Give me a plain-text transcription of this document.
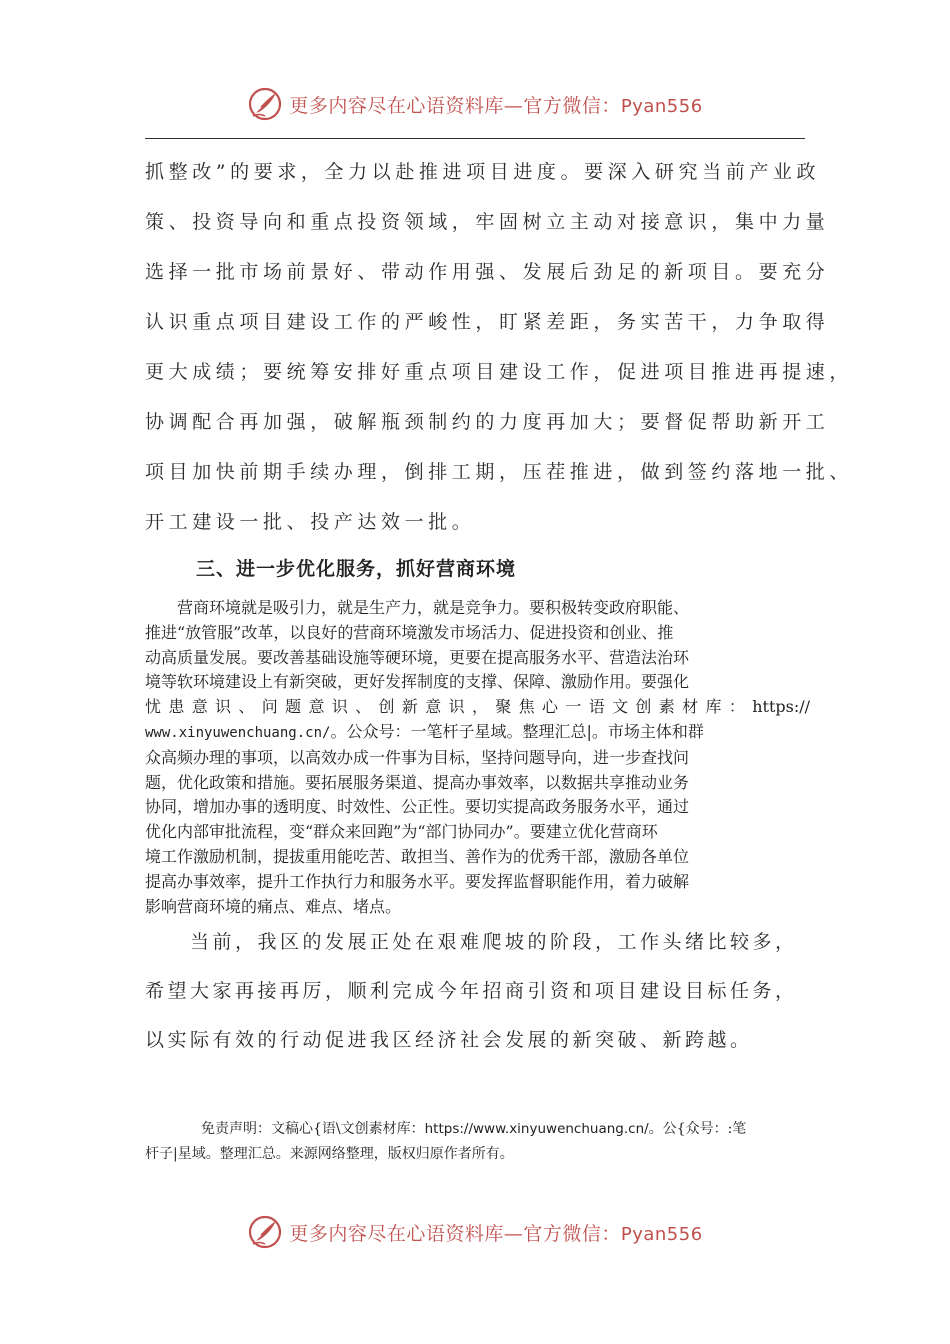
更多内容尽在心语资料库—官方微信：Pyan556

抓整改”的要求，全力以赴推进项目进度。要深入研究当前产业政
策、投资导向和重点投资领域，牢固树立主动对接意识，集中力量
选择一批市场前景好、带动作用强、发展后劲足的新项目。要充分
认识重点项目建设工作的严峻性，盯紧差距，务实苦干，力争取得
更大成绩；要统筹安排好重点项目建设工作，促进项目推进再提速，
协调配合再加强，破解瓶颈制约的力度再加大；要督促帮助新开工
项目加快前期手续办理，倒排工期，压茬推进，做到签约落地一批、
开工建设一批、投产达效一批。

三、进一步优化服务，抓好营商环境
　　营商环境就是吸引力，就是生产力，就是竞争力。要积极转变政府职能、
推进“放管服”改革，以良好的营商环境激发市场活力、促进投资和创业、推
动高质量发展。要改善基础设施等硬环境，更要在提高服务水平、营造法治环
境等软环境建设上有新突破，更好发挥制度的支撑、保障、激励作用。要强化
忧患意识、问题意识、创新意识，聚焦心一语文创素材库：https://
www.xinyuwenchuang.cn/。公众号：一笔杆子星域。整理汇总|。市场主体和群
众高频办理的事项，以高效办成一件事为目标，坚持问题导向，进一步查找问
题，优化政策和措施。要拓展服务渠道、提高办事效率，以数据共享推动业务
协同，增加办事的透明度、时效性、公正性。要切实提高政务服务水平，通过
优化内部审批流程，变“群众来回跑”为“部门协同办”。要建立优化营商环
境工作激励机制，提拔重用能吃苦、敢担当、善作为的优秀干部，激励各单位
提高办事效率，提升工作执行力和服务水平。要发挥监督职能作用，着力破解
影响营商环境的痛点、难点、堵点。
　　当前，我区的发展正处在艰难爬坡的阶段，工作头绪比较多，
希望大家再接再厉，顺利完成今年招商引资和项目建设目标任务，
以实际有效的行动促进我区经济社会发展的新突破、新跨越。
　　　　免责声明：文稿心{语\文创素材库：https://www.xinyuwenchuang.cn/。公{众号：:笔
杆子|星域。整理汇总。来源网络整理，版权归原作者所有。
更多内容尽在心语资料库—官方微信：Pyan556
